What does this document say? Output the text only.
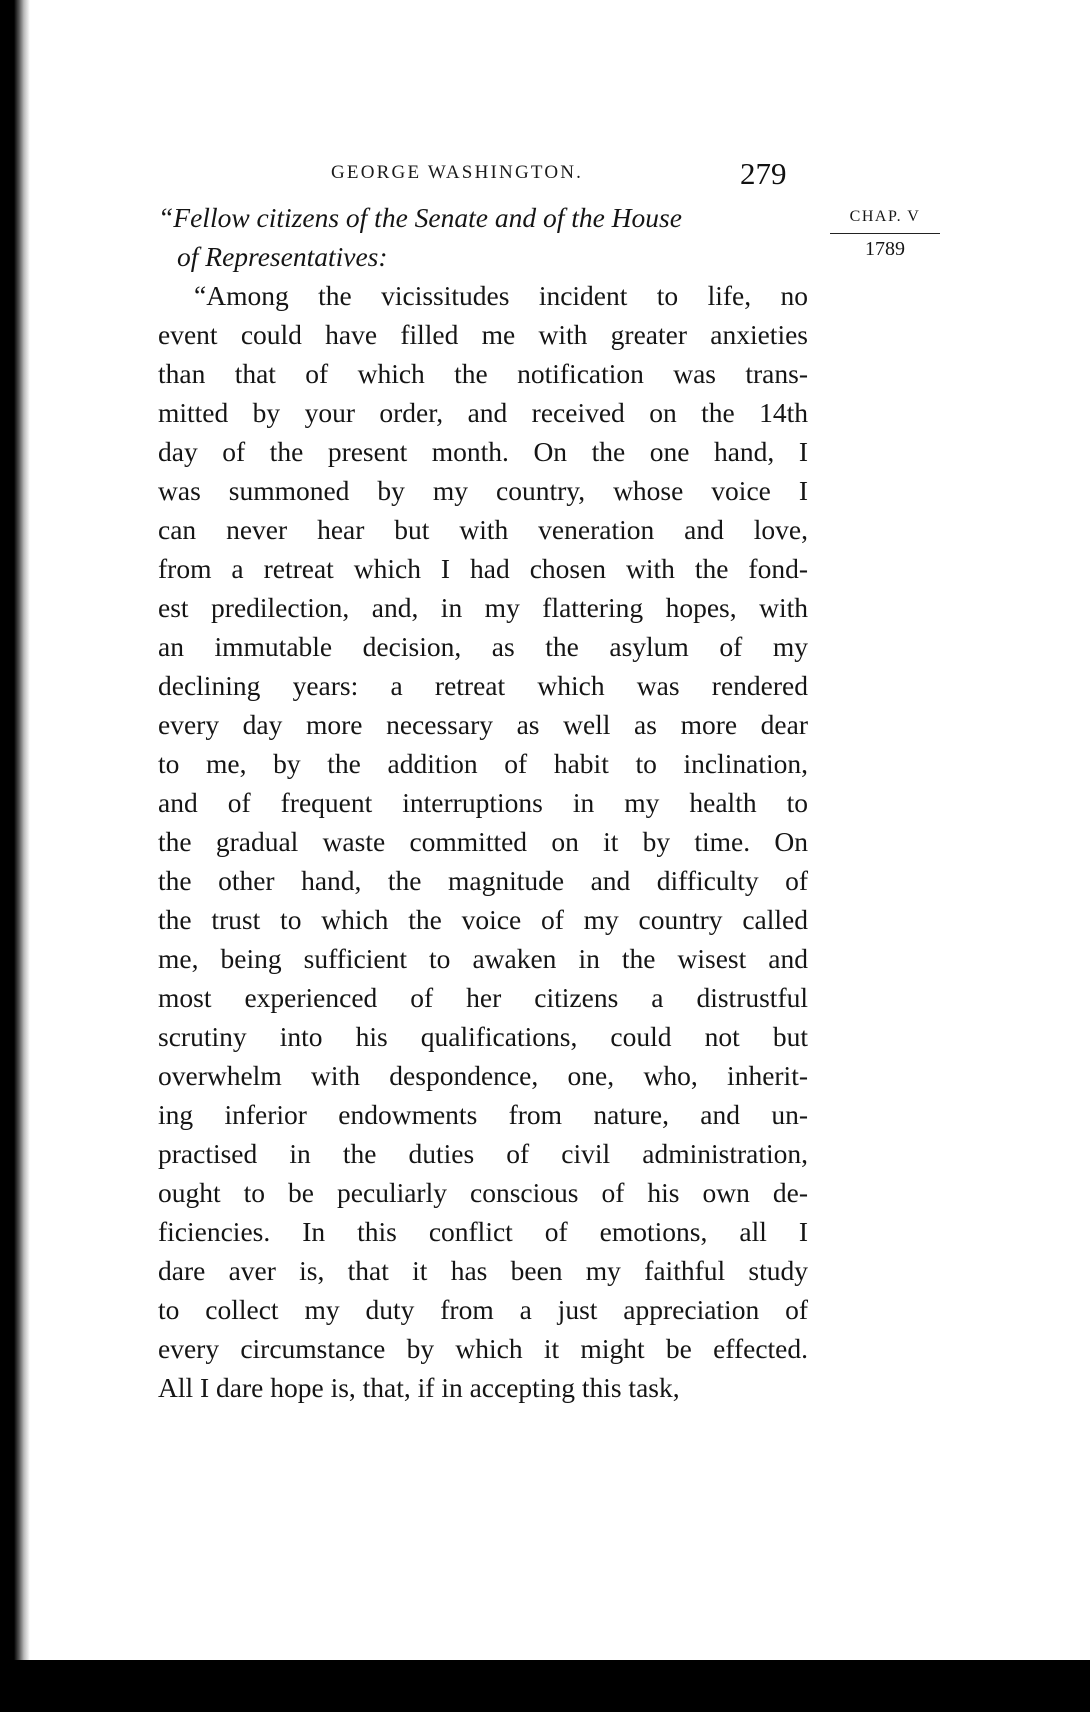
GEORGE WASHINGTON.	279
CHAP. V
1789
“Fellow citizens of the Senate and of the House
of Representatives:
“Among the vicissitudes incident to life, no
event could have filled me with greater anxieties
than that of which the notification was trans-
mitted by your order, and received on the 14th
day of the present month. On the one hand, I
was summoned by my country, whose voice I
can never hear but with veneration and love,
from a retreat which I had chosen with the fond-
est predilection, and, in my flattering hopes, with
an immutable decision, as the asylum of my
declining years: a retreat which was rendered
every day more necessary as well as more dear
to me, by the addition of habit to inclination,
and of frequent interruptions in my health to
the gradual waste committed on it by time. On
the other hand, the magnitude and difficulty of
the trust to which the voice of my country called
me, being sufficient to awaken in the wisest and
most experienced of her citizens a distrustful
scrutiny into his qualifications, could not but
overwhelm with despondence, one, who, inherit-
ing inferior endowments from nature, and un-
practised in the duties of civil administration,
ought to be peculiarly conscious of his own de-
ficiencies. In this conflict of emotions, all I
dare aver is, that it has been my faithful study
to collect my duty from a just appreciation of
every circumstance by which it might be effected.
All I dare hope is, that, if in accepting this task,
